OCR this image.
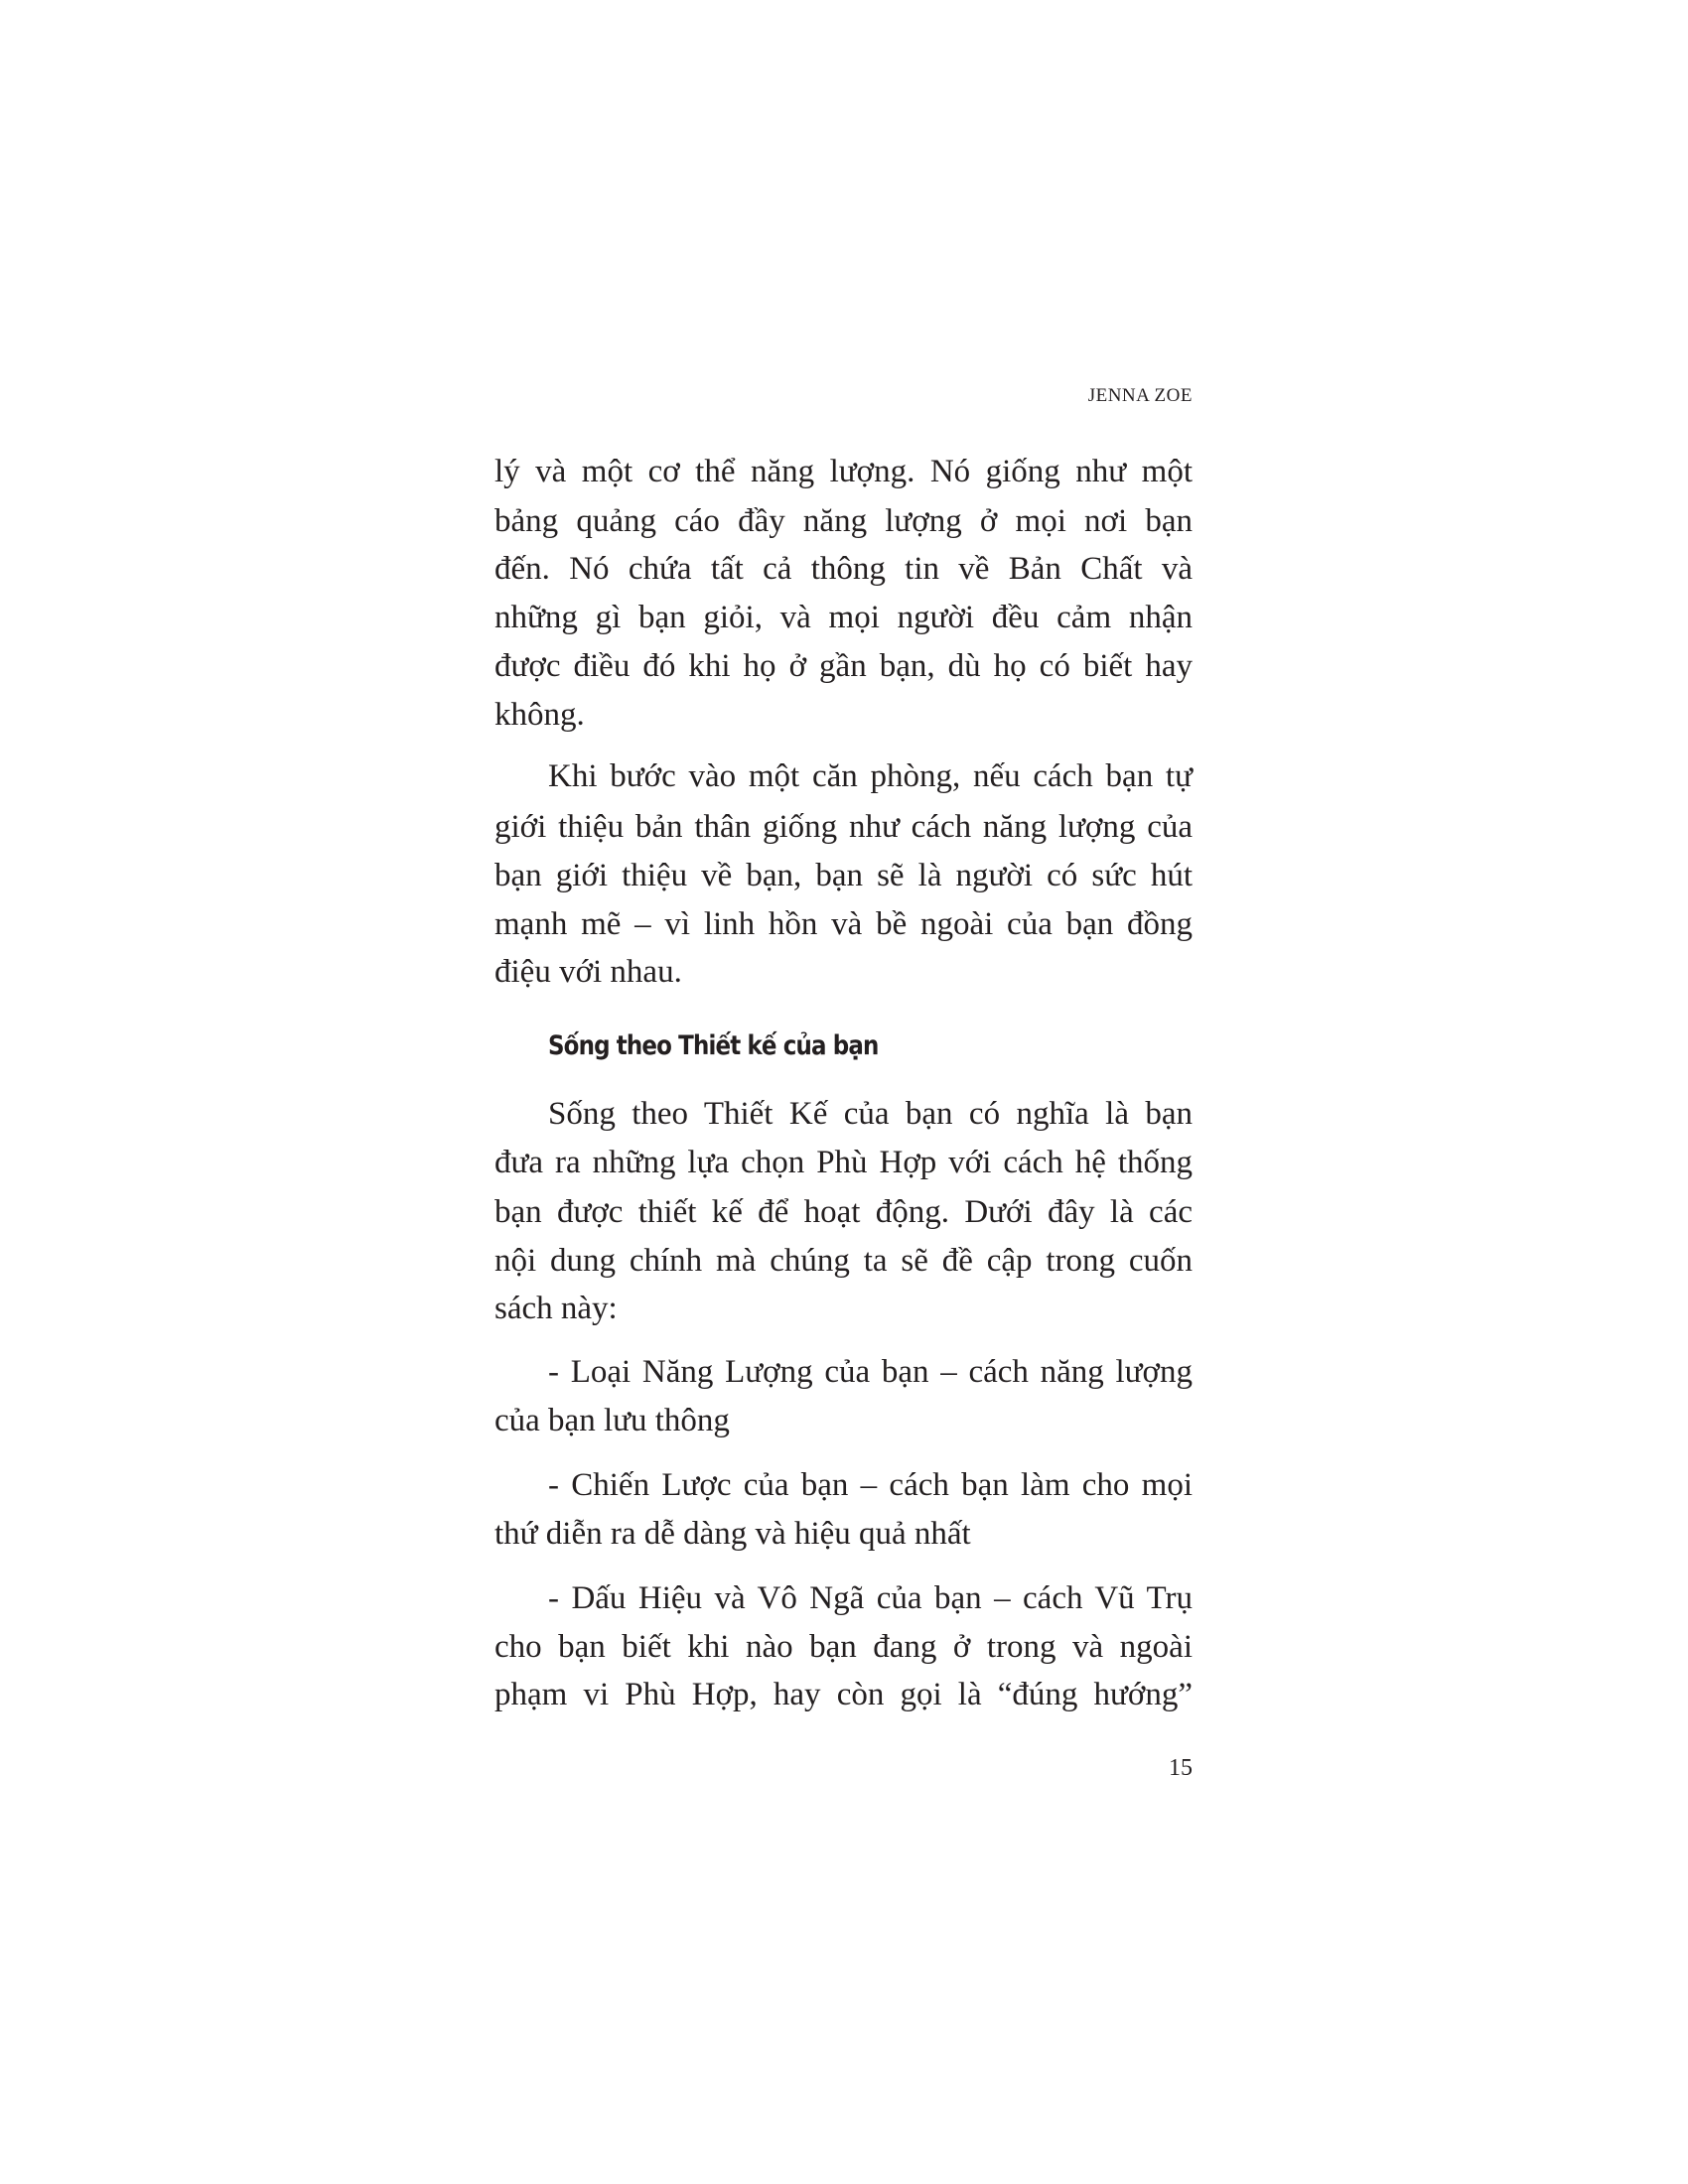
JENNA ZOE
lý và một cơ thể năng lượng. Nó giống như một
bảng quảng cáo đầy năng lượng ở mọi nơi bạn
đến. Nó chứa tất cả thông tin về Bản Chất và
những gì bạn giỏi, và mọi người đều cảm nhận
được điều đó khi họ ở gần bạn, dù họ có biết hay
không.
Khi bước vào một căn phòng, nếu cách bạn tự
giới thiệu bản thân giống như cách năng lượng của
bạn giới thiệu về bạn, bạn sẽ là người có sức hút
mạnh mẽ – vì linh hồn và bề ngoài của bạn đồng
điệu với nhau.
Sống theo Thiết kế của bạn
Sống theo Thiết Kế của bạn có nghĩa là bạn
đưa ra những lựa chọn Phù Hợp với cách hệ thống
bạn được thiết kế để hoạt động. Dưới đây là các
nội dung chính mà chúng ta sẽ đề cập trong cuốn
sách này:
- Loại Năng Lượng của bạn – cách năng lượng
của bạn lưu thông
- Chiến Lược của bạn – cách bạn làm cho mọi
thứ diễn ra dễ dàng và hiệu quả nhất
- Dấu Hiệu và Vô Ngã của bạn – cách Vũ Trụ
cho bạn biết khi nào bạn đang ở trong và ngoài
phạm vi Phù Hợp, hay còn gọi là “đúng hướng”
15
